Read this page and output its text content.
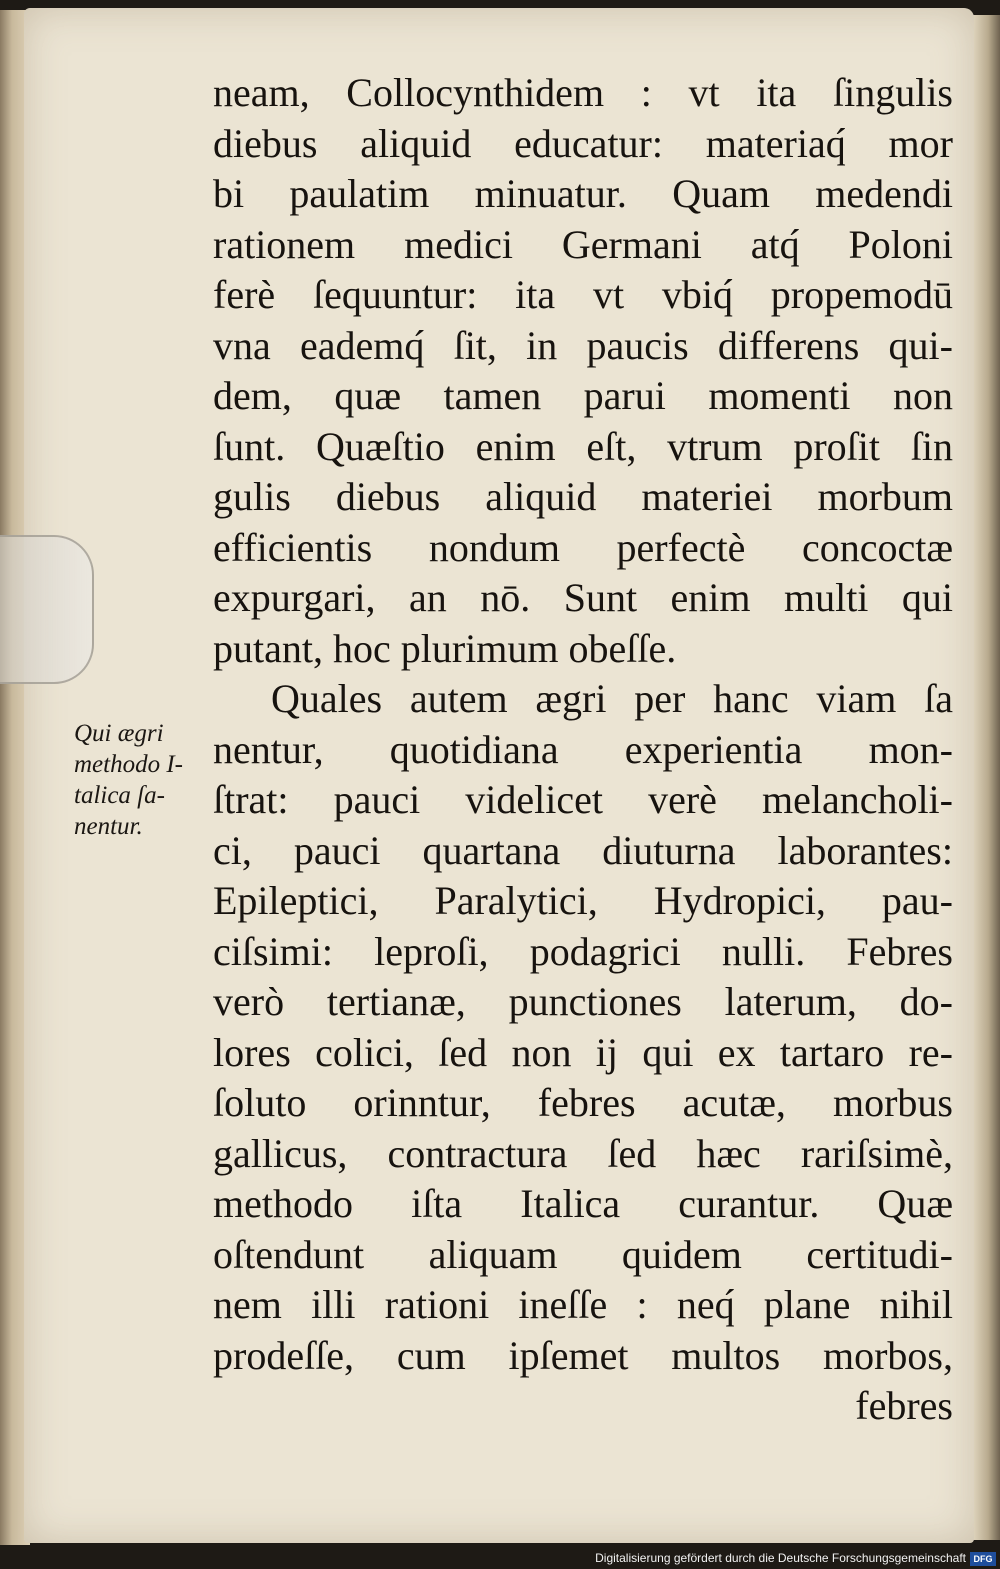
Qui ægri
methodo I-
talica ſa-
nentur.
neam, Collocynthidem : vt ita ſingulis
diebus aliquid educatur: materiaq́ mor
bi paulatim minuatur. Quam medendi
rationem medici Germani atq́ Poloni
ferè ſequuntur: ita vt vbiq́ propemodū
vna eademq́ ſit, in paucis differens qui-
dem, quæ tamen parui momenti non
ſunt. Quæſtio enim eſt, vtrum proſit ſin
gulis diebus aliquid materiei morbum
efficientis nondum perfectè concoctæ
expurgari, an nō. Sunt enim multi qui
putant, hoc plurimum obeſſe.
Quales autem ægri per hanc viam ſa
nentur, quotidiana experientia mon-
ſtrat: pauci videlicet verè melancholi-
ci, pauci quartana diuturna laborantes:
Epileptici, Paralytici, Hydropici, pau-
ciſsimi: leproſi, podagrici nulli. Febres
verò tertianæ, punctiones laterum, do-
lores colici, ſed non ij qui ex tartaro re-
ſoluto orinntur, febres acutæ, morbus
gallicus, contractura ſed hæc rariſsimè,
methodo iſta Italica curantur. Quæ
oſtendunt aliquam quidem certitudi-
nem illi rationi ineſſe : neq́ plane nihil
prodeſſe, cum ipſemet multos morbos,
febres
Digitalisierung gefördert durch die Deutsche Forschungsgemeinschaft DFG
